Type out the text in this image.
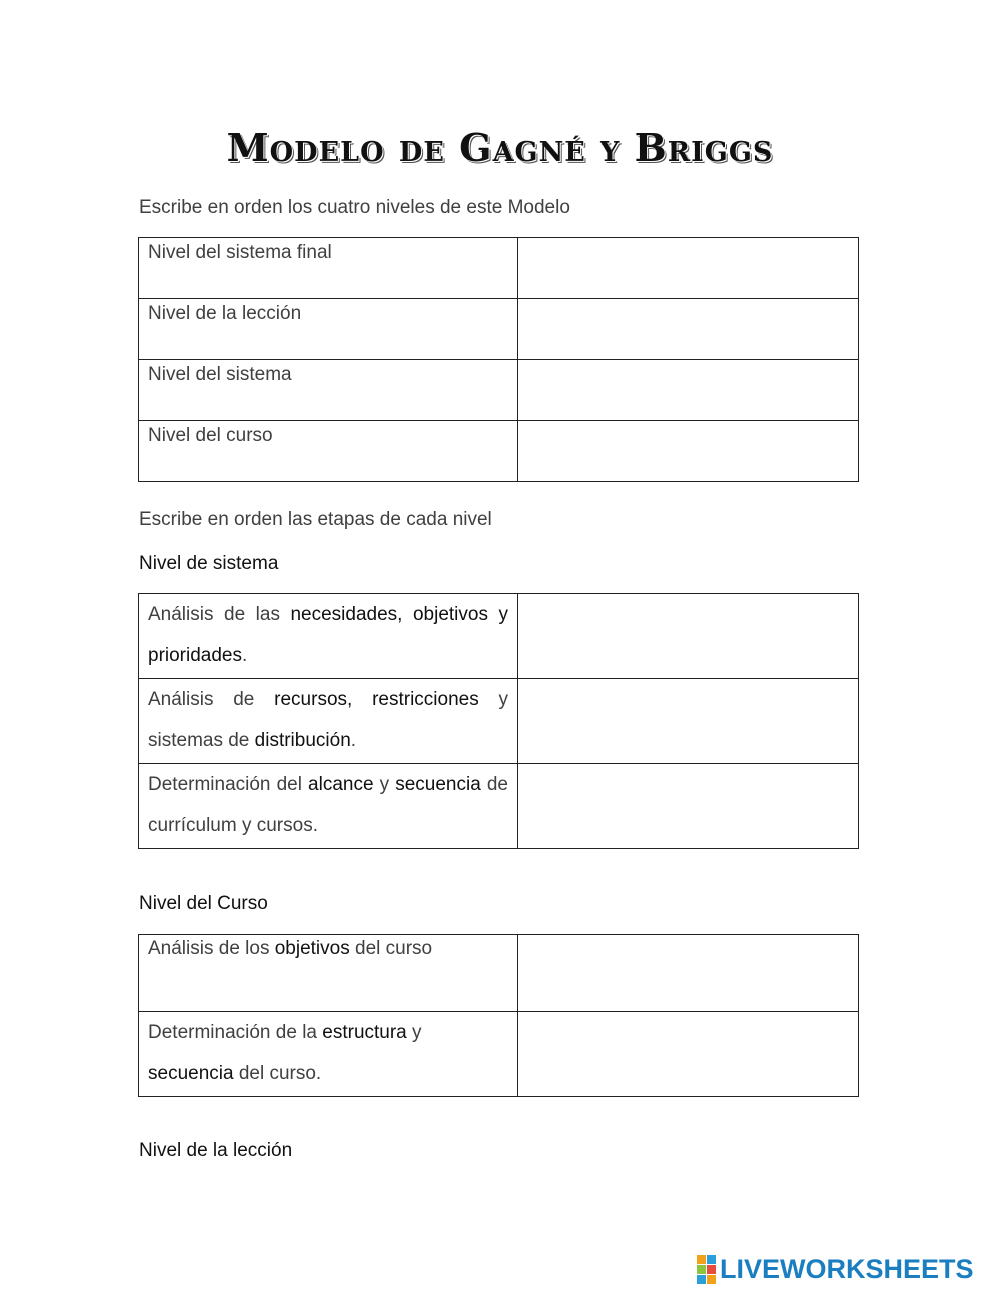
Modelo de Gagné y Briggs
Escribe en orden los cuatro niveles de este Modelo
Nivel del sistema final	
Nivel de la lección	
Nivel del sistema	
Nivel del curso	
Escribe en orden las etapas de cada nivel
Nivel de sistema
Análisis de las necesidades, objetivos y prioridades.	
Análisis de recursos, restricciones y sistemas de distribución.	
Determinación del alcance y secuencia de currículum y cursos.	
Nivel del Curso
Análisis de los objetivos del curso	
Determinación de la estructura y
secuencia del curso.	
Nivel de la lección
LIVEWORKSHEETS
